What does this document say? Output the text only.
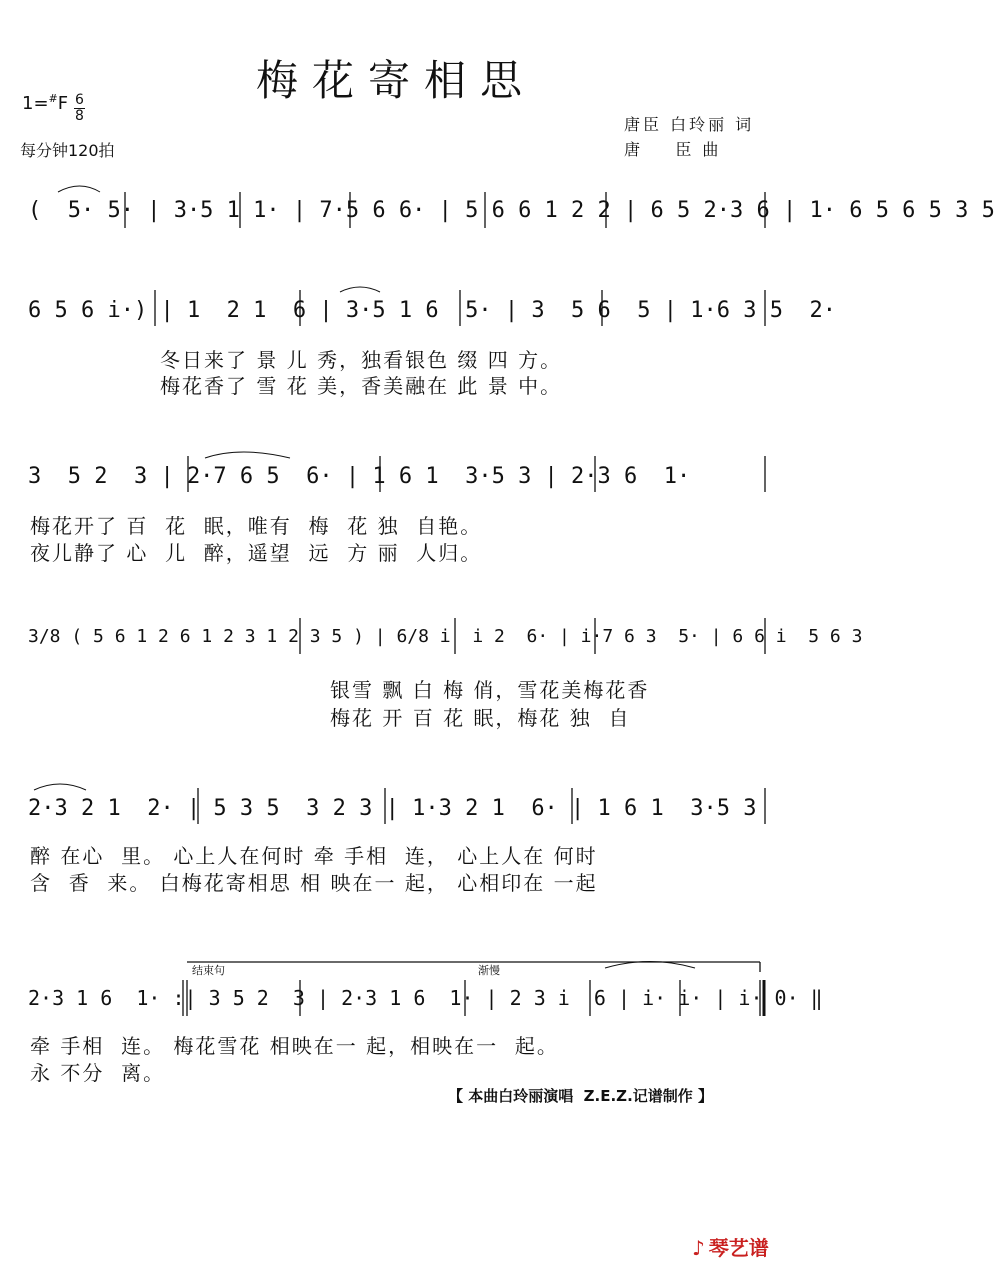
梅花寄相思
1=#F 6
8
每分钟120拍
唐臣 白玲丽 词
唐    臣 曲
(  5· 5· | 3·5 1 1· | 7·5 6 6· | 5 6 6 1 2 2 | 6 5 2·3 6 | 1· 6 5 6 5 3 5
6 5 6 i·) | 1  2 1  6 | 3·5 1 6  5· | 3  5 6  5 | 1·6 3 5  2·
冬日来了 景 儿 秀，独看银色 缀 四 方。
梅花香了 雪 花 美，香美融在 此 景 中。
3  5 2  3 | 2·7 6 5  6· | 1 6 1  3·5 3 | 2·3 6  1·
梅花开了 百  花  眠，唯有  梅  花 独  自艳。
夜儿静了 心  儿  醉，遥望  远  方 丽  人归。
3/8 ( 5 6 1 2 6 1 2 3 1 2 3 5 ) | 6/8 i  i 2  6· | i·7 6 3  5· | 6 6 i  5 6 3
银雪 飘 白 梅 俏，雪花美梅花香
梅花 开 百 花 眠，梅花 独  自
2·3 2 1  2· | 5 3 5  3 2 3 | 1·3 2 1  6· | 1 6 1  3·5 3
醉 在心  里。 心上人在何时 牵 手相  连， 心上人在 何时
含  香  来。 白梅花寄相思 相 映在一 起， 心相印在 一起
结束句	渐慢
2·3 1 6  1· :| 3 5 2  3 | 2·3 1 6  1· | 2 3 i  6 | i· i· | i· 0· ‖
牵 手相  连。 梅花雪花 相映在一 起，相映在一  起。
永 不分  离。
【 本曲白玲丽演唱  Z.E.Z.记谱制作 】
♪ 琴艺谱
